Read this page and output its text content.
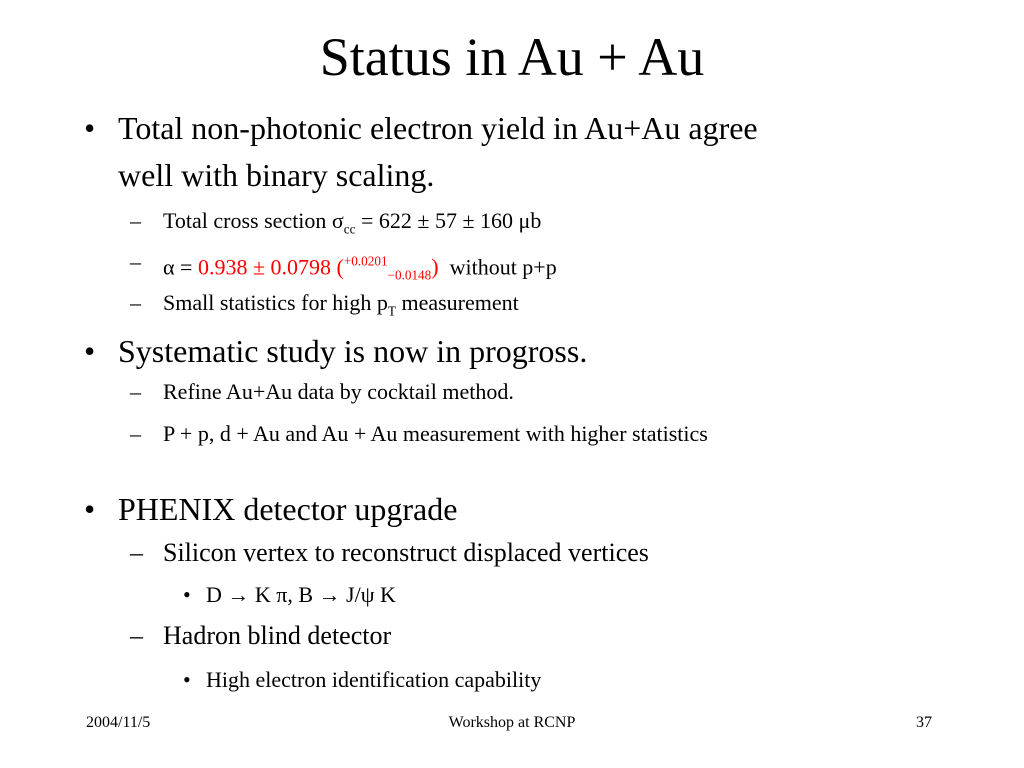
Status in Au + Au
• Total non-photonic electron yield in Au+Au agree
well with binary scaling.
– Total cross section $\sigma_{cc} = 622 \pm 57 \pm 160$ μb
– α = 0.938 ± 0.0798 ($^{+0.0201}_{-0.0148}$) without p+p
– Small statistics for high $p_T$ measurement
• Systematic study is now in progross.
– Refine Au+Au data by cocktail method.
– P + p, d + Au and Au + Au measurement with higher statistics
• PHENIX detector upgrade
– Silicon vertex to reconstruct displaced vertices
• D → K π, B → J/ψ K
– Hadron blind detector
• High electron identification capability
2004/11/5	Workshop at RCNP	37
